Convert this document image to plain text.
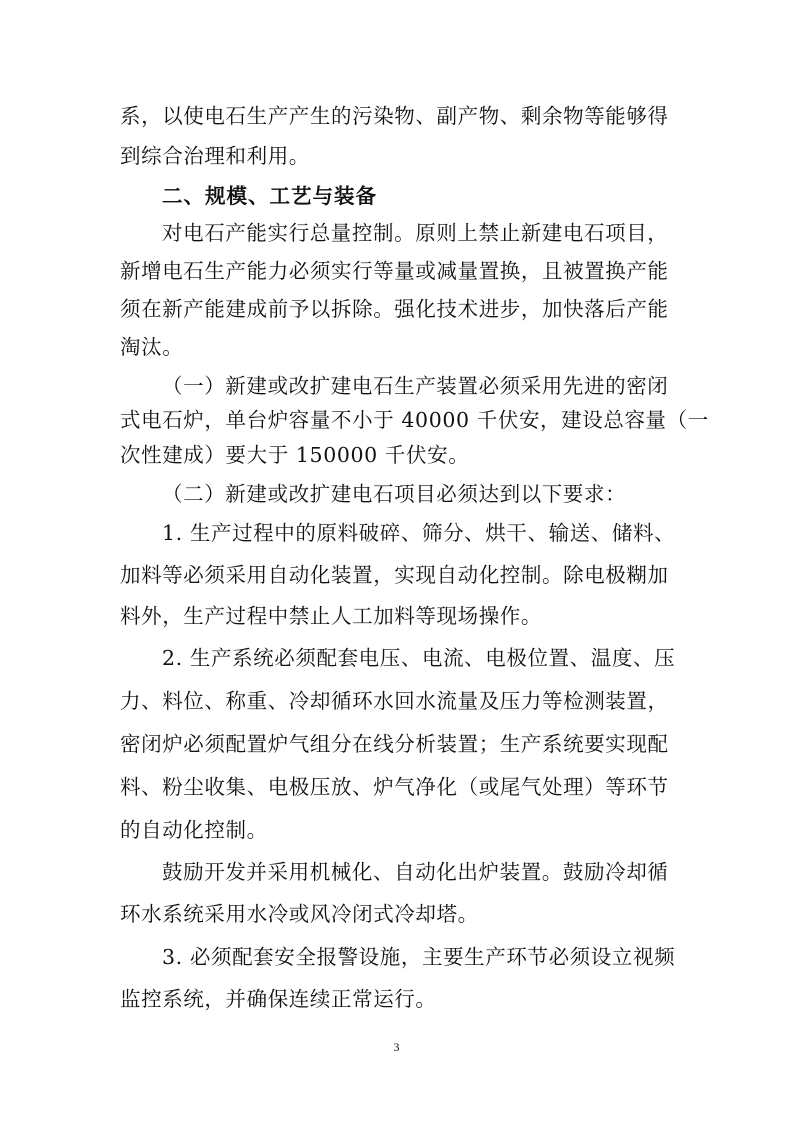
系，以使电石生产产生的污染物、副产物、剩余物等能够得
到综合治理和利用。
二、规模、工艺与装备
对电石产能实行总量控制。原则上禁止新建电石项目，
新增电石生产能力必须实行等量或减量置换，且被置换产能
须在新产能建成前予以拆除。强化技术进步，加快落后产能
淘汰。
（一）新建或改扩建电石生产装置必须采用先进的密闭
式电石炉，单台炉容量不小于 40000 千伏安，建设总容量（一
次性建成）要大于 150000 千伏安。
（二）新建或改扩建电石项目必须达到以下要求：
1. 生产过程中的原料破碎、筛分、烘干、输送、储料、
加料等必须采用自动化装置，实现自动化控制。除电极糊加
料外，生产过程中禁止人工加料等现场操作。
2. 生产系统必须配套电压、电流、电极位置、温度、压
力、料位、称重、冷却循环水回水流量及压力等检测装置，
密闭炉必须配置炉气组分在线分析装置；生产系统要实现配
料、粉尘收集、电极压放、炉气净化（或尾气处理）等环节
的自动化控制。
鼓励开发并采用机械化、自动化出炉装置。鼓励冷却循
环水系统采用水冷或风冷闭式冷却塔。
3. 必须配套安全报警设施，主要生产环节必须设立视频
监控系统，并确保连续正常运行。
3
